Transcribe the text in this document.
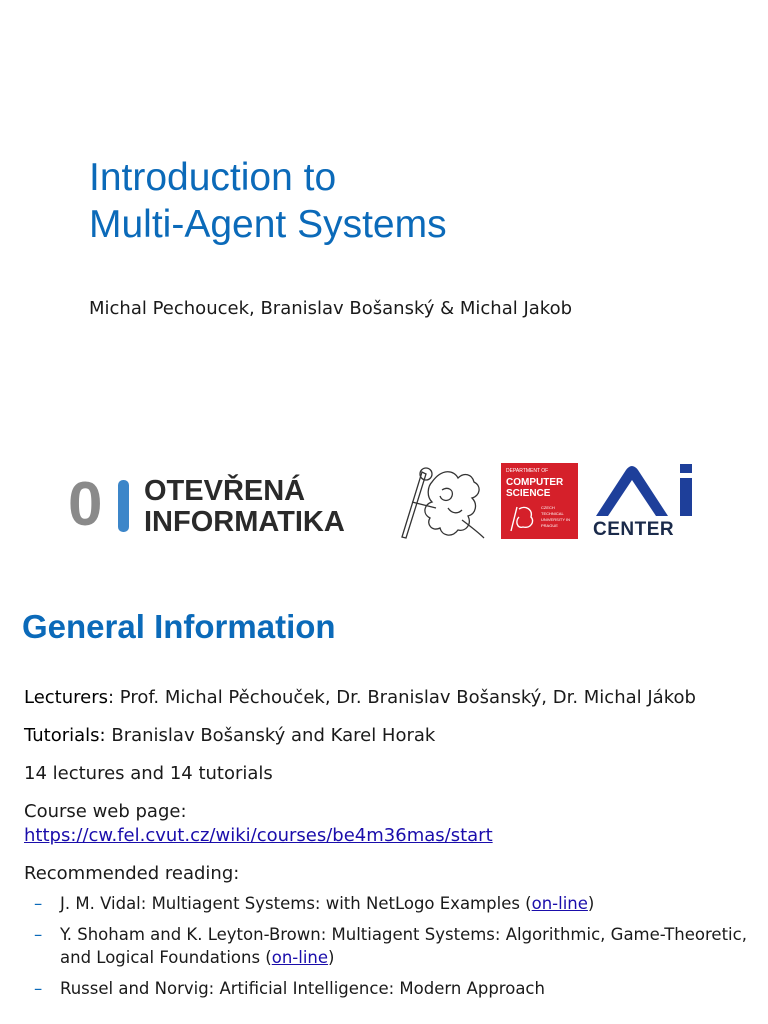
Introduction to
Multi-Agent Systems
Michal Pechoucek, Branislav Bošanský & Michal Jakob
0 OTEVŘENÁ
INFORMATIKA
DEPARTMENT OF
COMPUTER
SCIENCE
CZECH TECHNICAL UNIVERSITY IN PRAGUE	CENTER
General Information

Lecturers: Prof. Michal Pěchouček, Dr. Branislav Bošanský, Dr. Michal Jákob

Tutorials: Branislav Bošanský and Karel Horak

14 lectures and 14 tutorials

Course web page:
https://cw.fel.cvut.cz/wiki/courses/be4m36mas/start

Recommended reading:

– J. M. Vidal: Multiagent Systems: with NetLogo Examples (on-line)
– Y. Shoham and K. Leyton-Brown: Multiagent Systems: Algorithmic, Game-Theoretic, and Logical Foundations (on-line)
– Russel and Norvig: Artificial Intelligence: Modern Approach
